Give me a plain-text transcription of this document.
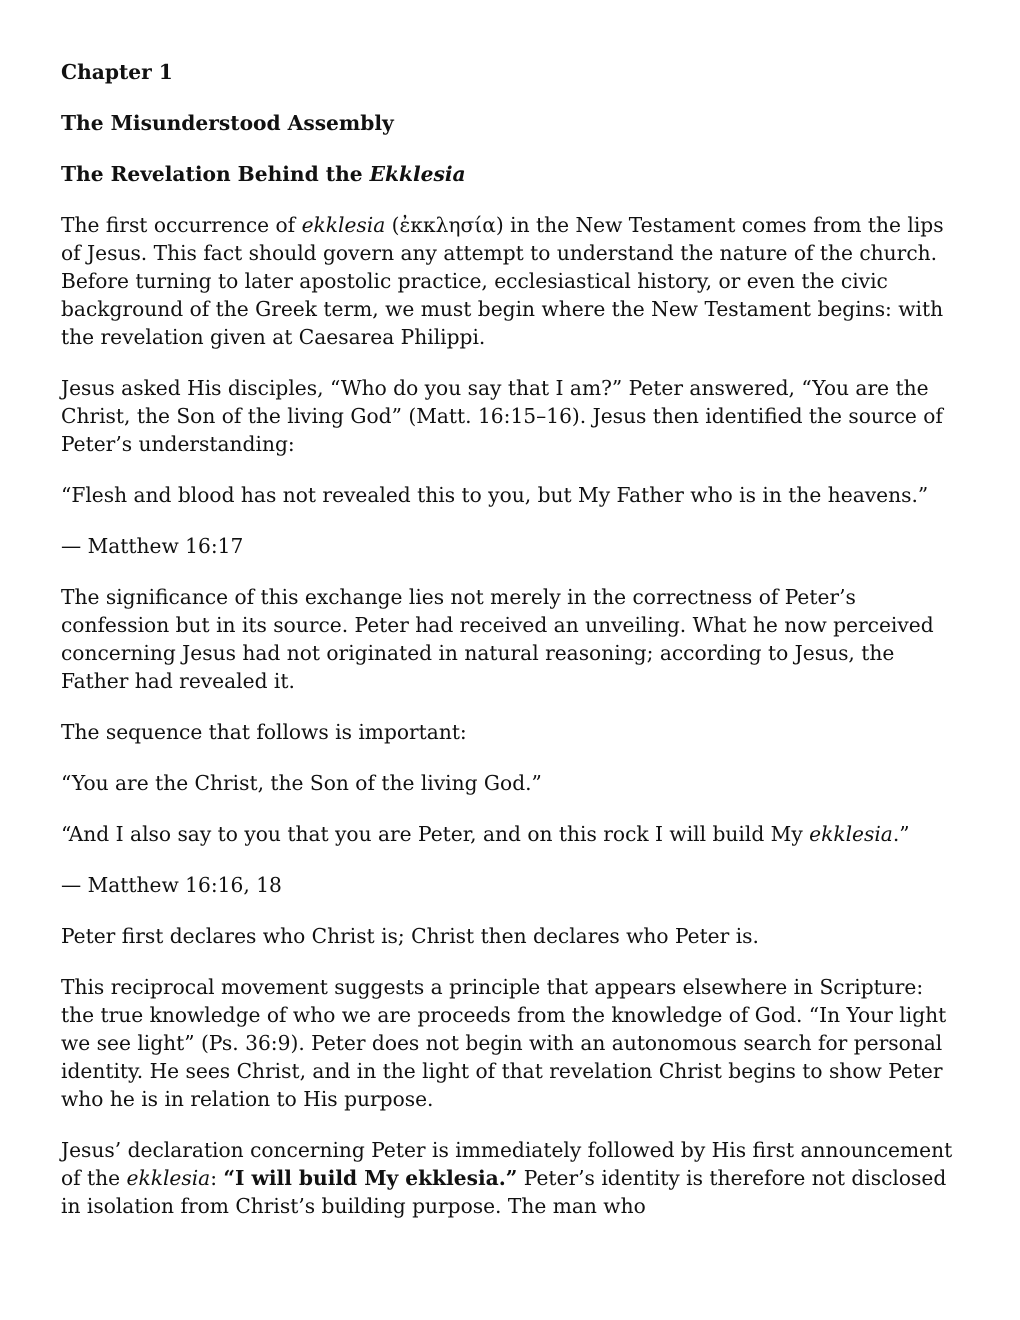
Chapter 1

The Misunderstood Assembly

The Revelation Behind the Ekklesia

The first occurrence of ekklesia (ἐκκλησία) in the New Testament comes from the lips of Jesus. This fact should govern any attempt to understand the nature of the church. Before turning to later apostolic practice, ecclesiastical history, or even the civic background of the Greek term, we must begin where the New Testament begins: with the revelation given at Caesarea Philippi.

Jesus asked His disciples, “Who do you say that I am?” Peter answered, “You are the Christ, the Son of the living God” (Matt. 16:15–16). Jesus then identified the source of Peter’s understanding:

“Flesh and blood has not revealed this to you, but My Father who is in the heavens.”

— Matthew 16:17

The significance of this exchange lies not merely in the correctness of Peter’s confession but in its source. Peter had received an unveiling. What he now perceived concerning Jesus had not originated in natural reasoning; according to Jesus, the Father had revealed it.

The sequence that follows is important:

“You are the Christ, the Son of the living God.”

“And I also say to you that you are Peter, and on this rock I will build My ekklesia.”

— Matthew 16:16, 18

Peter first declares who Christ is; Christ then declares who Peter is.

This reciprocal movement suggests a principle that appears elsewhere in Scripture: the true knowledge of who we are proceeds from the knowledge of God. “In Your light we see light” (Ps. 36:9). Peter does not begin with an autonomous search for personal identity. He sees Christ, and in the light of that revelation Christ begins to show Peter who he is in relation to His purpose.

Jesus’ declaration concerning Peter is immediately followed by His first announcement of the ekklesia: “I will build My ekklesia.” Peter’s identity is therefore not disclosed in isolation from Christ’s building purpose. The man who
